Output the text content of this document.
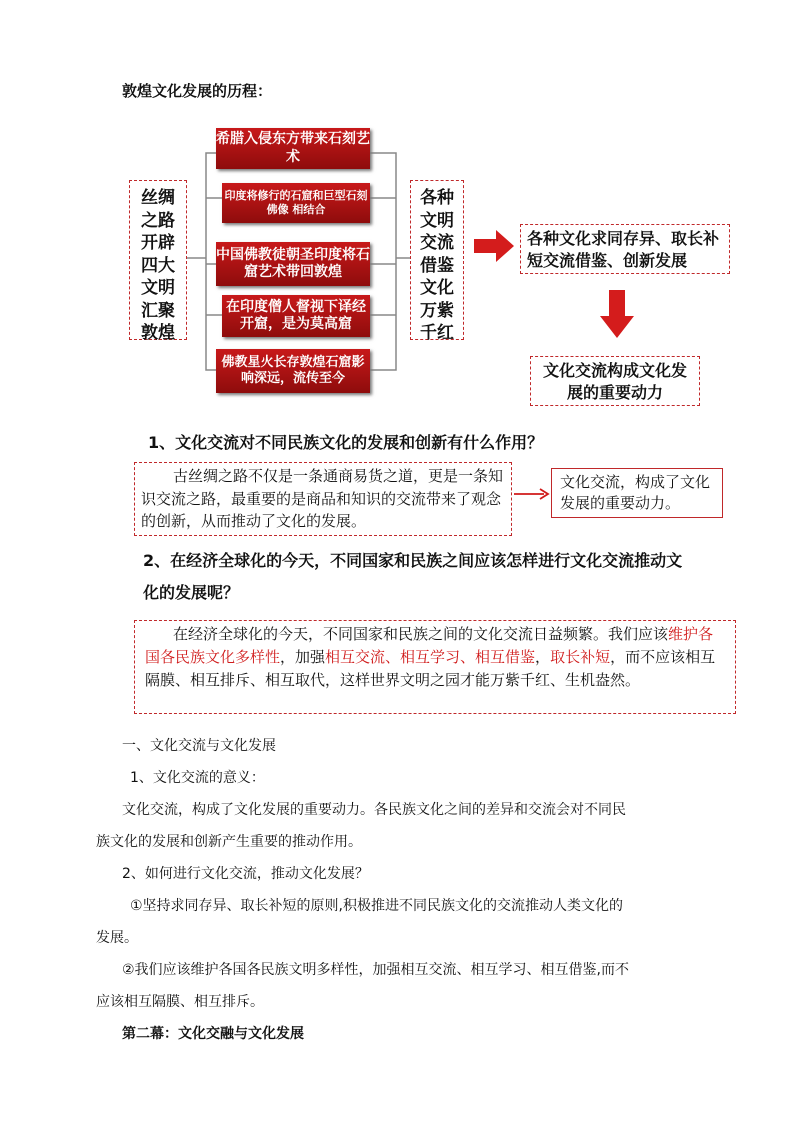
敦煌文化发展的历程：
丝绸之路开辟四大文明汇聚敦煌
希腊入侵东方带来石刻艺术
印度将修行的石窟和巨型石刻佛像 相结合
中国佛教徒朝圣印度将石窟艺术带回敦煌
在印度僧人督视下译经开窟，是为莫高窟
佛教星火长存敦煌石窟影响深远，流传至今
各种文明交流借鉴文化万紫千红
各种文化求同存异、取长补短交流借鉴、创新发展
文化交流构成文化发展的重要动力
1、文化交流对不同民族文化的发展和创新有什么作用？
古丝绸之路不仅是一条通商易货之道，更是一条知识交流之路，最重要的是商品和知识的交流带来了观念的创新，从而推动了文化的发展。
文化交流，构成了文化发展的重要动力。
2、在经济全球化的今天，不同国家和民族之间应该怎样进行文化交流推动文
化的发展呢？
在经济全球化的今天，不同国家和民族之间的文化交流日益频繁。我们应该维护各国各民族文化多样性，加强相互交流、相互学习、相互借鉴，取长补短，而不应该相互隔膜、相互排斥、相互取代，这样世界文明之园才能万紫千红、生机盎然。
一、文化交流与文化发展
1、文化交流的意义：
文化交流，构成了文化发展的重要动力。各民族文化之间的差异和交流会对不同民
族文化的发展和创新产生重要的推动作用。
2、如何进行文化交流，推动文化发展？
①坚持求同存异、取长补短的原则,积极推进不同民族文化的交流推动人类文化的
发展。
②我们应该维护各国各民族文明多样性，加强相互交流、相互学习、相互借鉴,而不
应该相互隔膜、相互排斥。
第二幕：文化交融与文化发展
